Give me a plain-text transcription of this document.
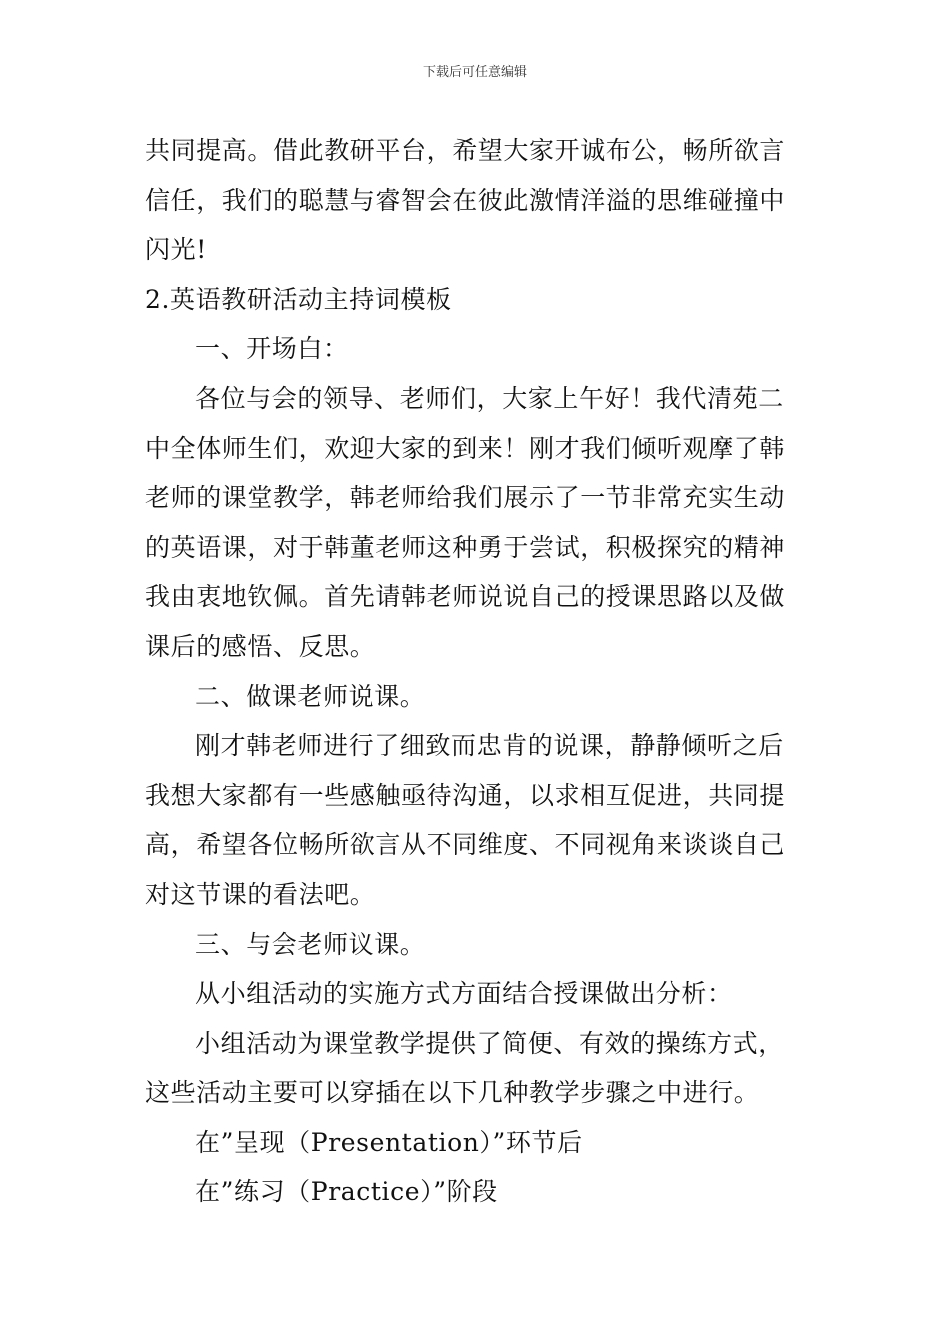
下载后可任意编辑

共同提高。借此教研平台，希望大家开诚布公，畅所欲言

信任，我们的聪慧与睿智会在彼此激情洋溢的思维碰撞中

闪光!

2.英语教研活动主持词模板

一、开场白：

各位与会的领导、老师们，大家上午好！我代清苑二

中全体师生们，欢迎大家的到来！刚才我们倾听观摩了韩

老师的课堂教学，韩老师给我们展示了一节非常充实生动

的英语课，对于韩董老师这种勇于尝试，积极探究的精神

我由衷地钦佩。首先请韩老师说说自己的授课思路以及做

课后的感悟、反思。

二、做课老师说课。

刚才韩老师进行了细致而忠肯的说课，静静倾听之后

我想大家都有一些感触亟待沟通，以求相互促进，共同提

高，希望各位畅所欲言从不同维度、不同视角来谈谈自己

对这节课的看法吧。

三、与会老师议课。

从小组活动的实施方式方面结合授课做出分析：

小组活动为课堂教学提供了简便、有效的操练方式，

这些活动主要可以穿插在以下几种教学步骤之中进行。

在”呈现（Presentation）”环节后

在”练习（Practice）”阶段
